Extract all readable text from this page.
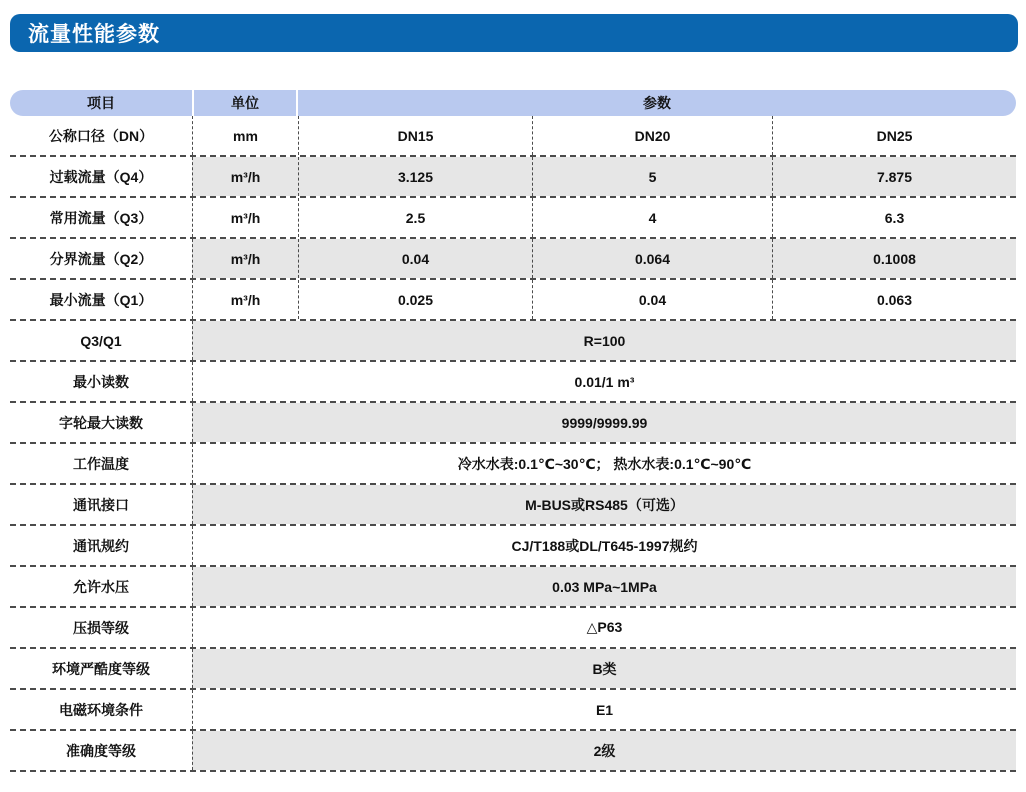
流量性能参数
项目	单位	参数
公称口径（DN）	mm	DN15	DN20	DN25
过载流量（Q4）	m³/h	3.125	5	7.875
常用流量（Q3）	m³/h	2.5	4	6.3
分界流量（Q2）	m³/h	0.04	0.064	0.1008
最小流量（Q1）	m³/h	0.025	0.04	0.063
Q3/Q1	R=100
最小读数	0.01/1 m³
字轮最大读数	9999/9999.99
工作温度	冷水水表:0.1℃~30℃； 热水水表:0.1℃~90℃
通讯接口	M-BUS或RS485（可选）
通讯规约	CJ/T188或DL/T645-1997规约
允许水压	0.03 MPa~1MPa
压损等级	△P63
环境严酷度等级	B类
电磁环境条件	E1
准确度等级	2级
